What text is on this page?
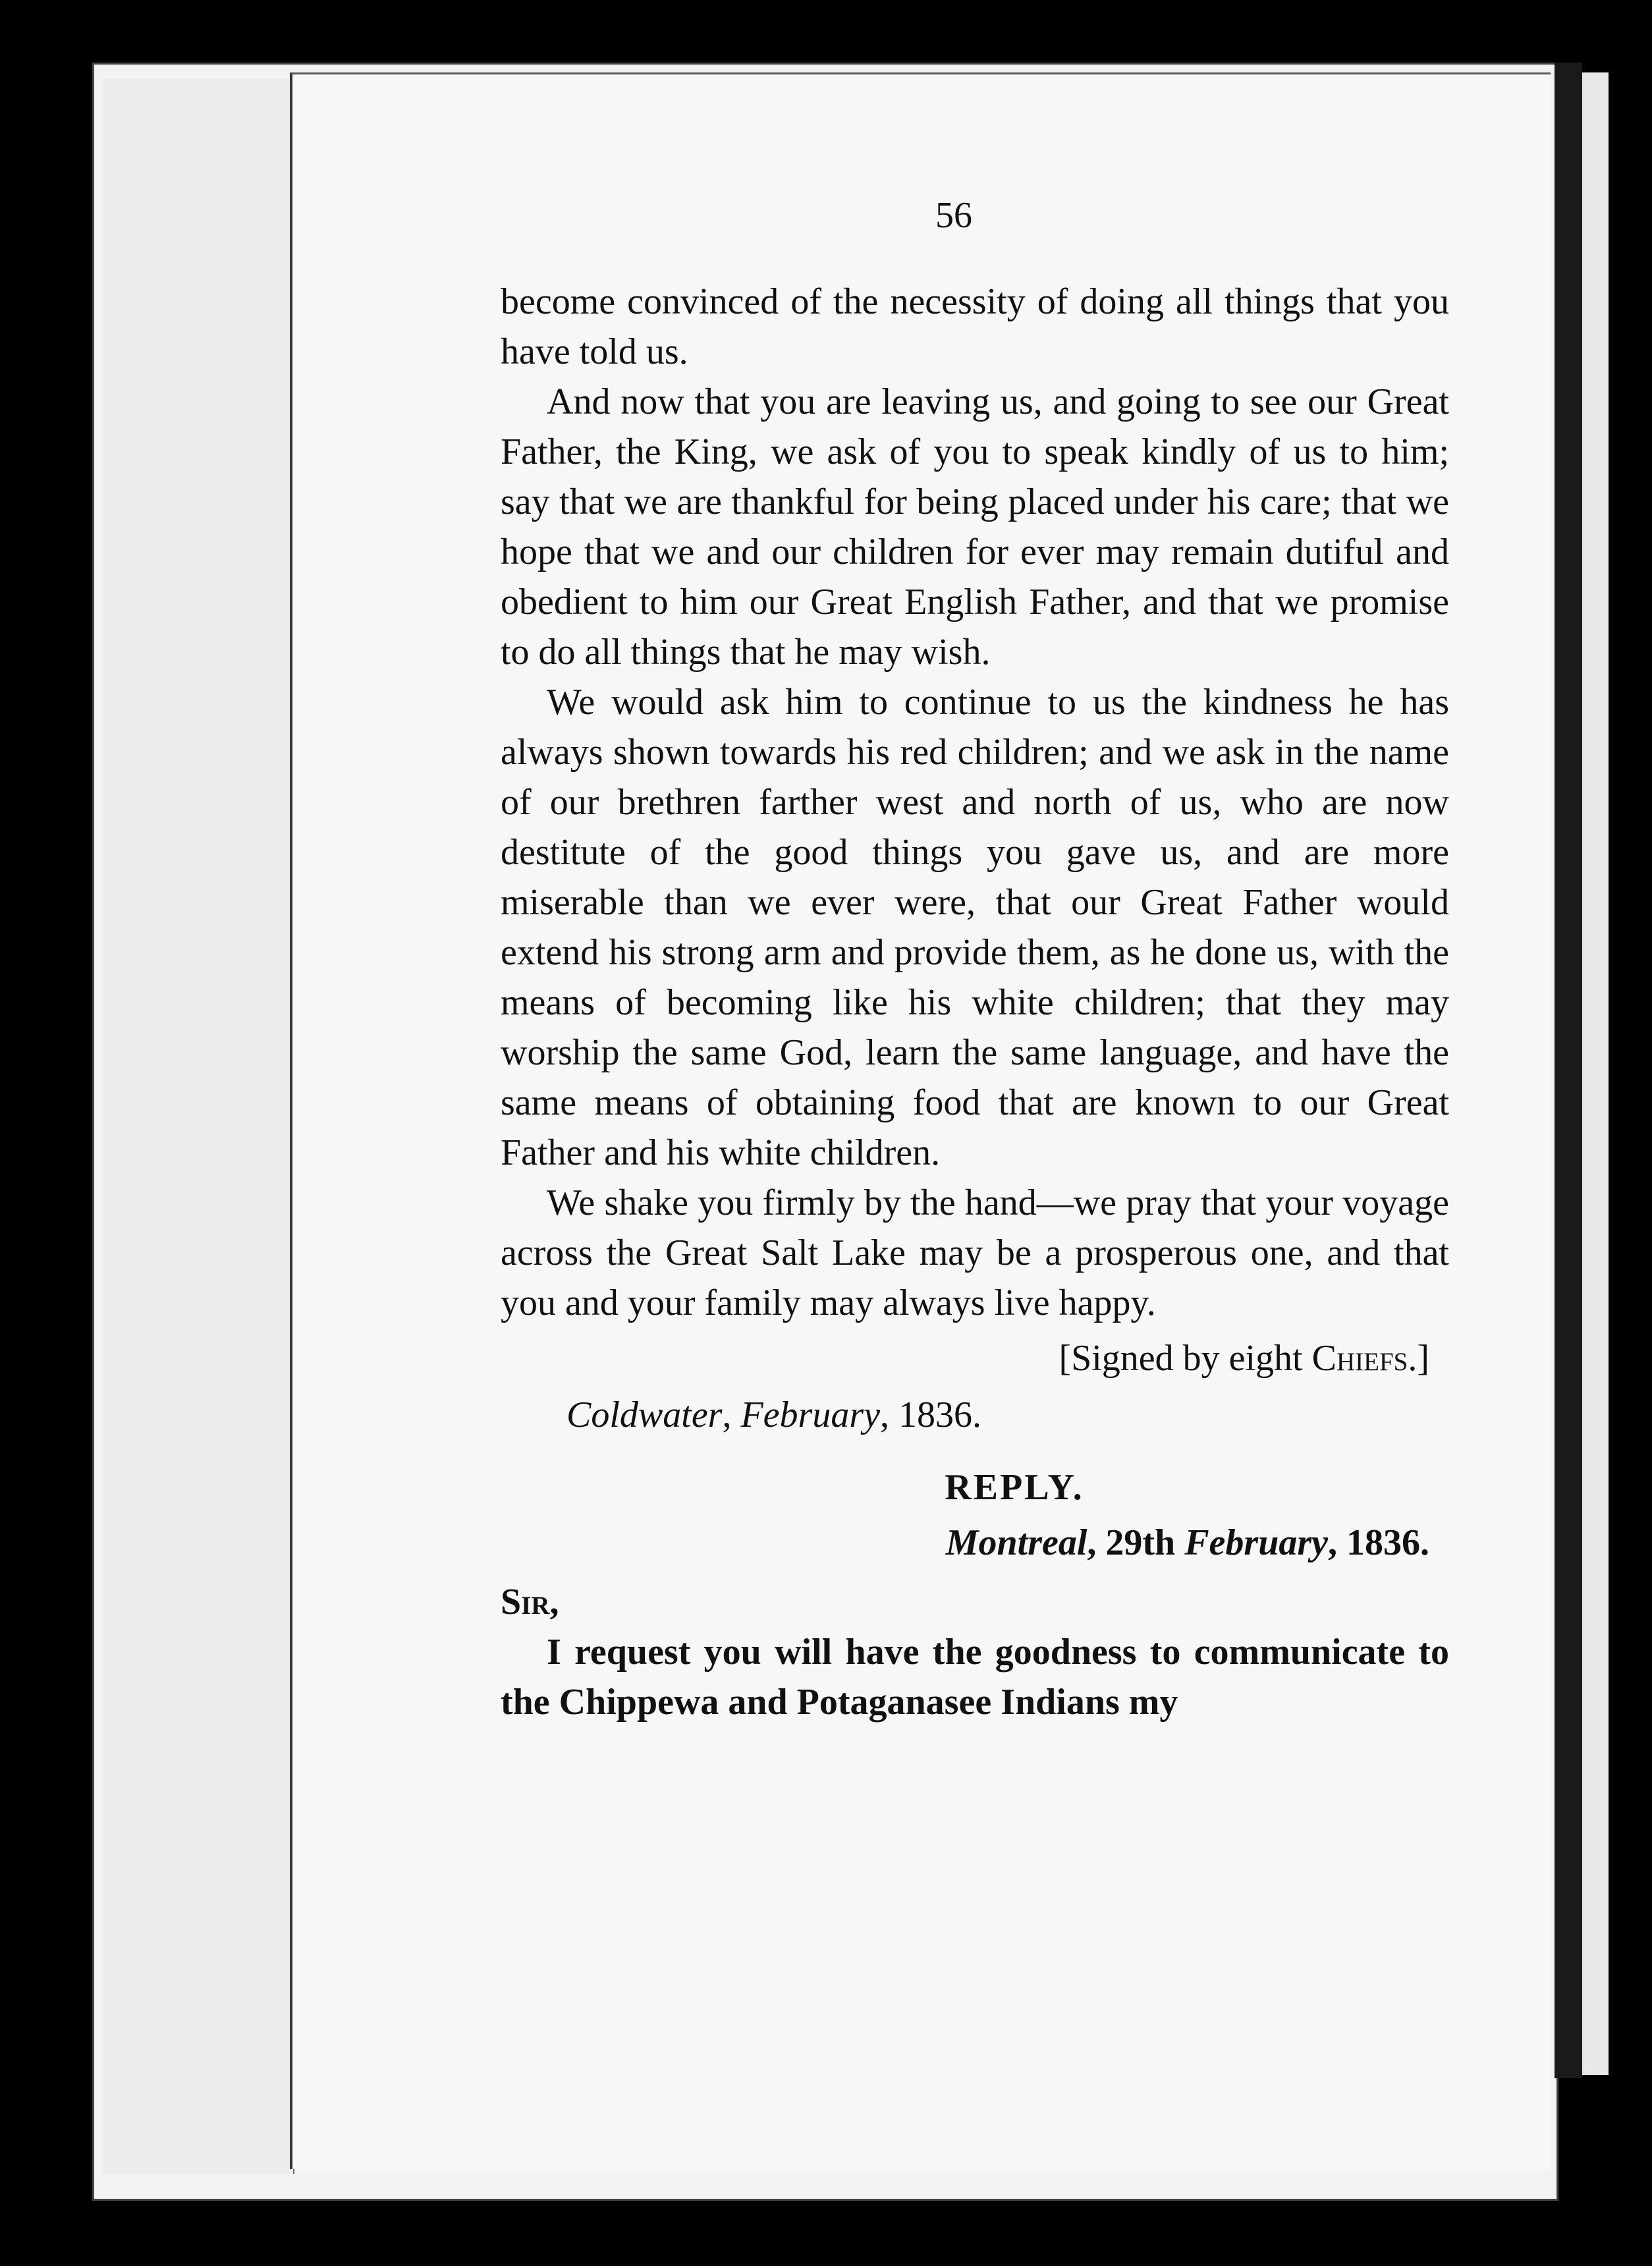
56

become convinced of the necessity of doing all things that you have told us.

And now that you are leaving us, and going to see our Great Father, the King, we ask of you to speak kindly of us to him; say that we are thankful for being placed under his care; that we hope that we and our children for ever may remain dutiful and obedient to him our Great English Father, and that we promise to do all things that he may wish.

We would ask him to continue to us the kindness he has always shown towards his red children; and we ask in the name of our brethren farther west and north of us, who are now destitute of the good things you gave us, and are more miserable than we ever were, that our Great Father would extend his strong arm and provide them, as he done us, with the means of becoming like his white children; that they may worship the same God, learn the same language, and have the same means of obtaining food that are known to our Great Father and his white children.

We shake you firmly by the hand—we pray that your voyage across the Great Salt Lake may be a prosperous one, and that you and your family may always live happy.

[Signed by eight Chiefs.]
Coldwater, February, 1836.
REPLY.
Montreal, 29th February, 1836.
Sir,

I request you will have the goodness to communicate to the Chippewa and Potaganasee Indians my
